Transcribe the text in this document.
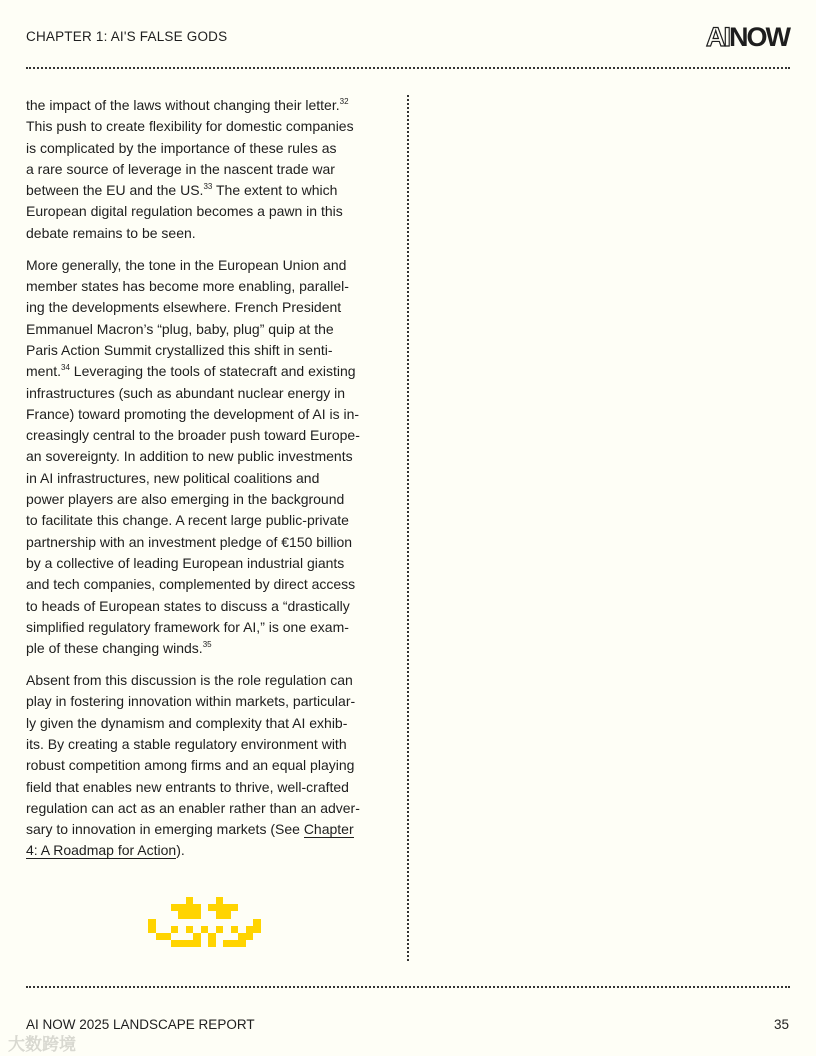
CHAPTER 1: AI'S FALSE GODS	AINOW
the impact of the laws without changing their letter.$^{32}$
This push to create flexibility for domestic companies
is complicated by the importance of these rules as
a rare source of leverage in the nascent trade war
between the EU and the US.$^{33}$ The extent to which
European digital regulation becomes a pawn in this
debate remains to be seen.
More generally, the tone in the European Union and
member states has become more enabling, parallel-
ing the developments elsewhere. French President
Emmanuel Macron’s “plug, baby, plug” quip at the
Paris Action Summit crystallized this shift in senti-
ment.$^{34}$ Leveraging the tools of statecraft and existing
infrastructures (such as abundant nuclear energy in
France) toward promoting the development of AI is in-
creasingly central to the broader push toward Europe-
an sovereignty. In addition to new public investments
in AI infrastructures, new political coalitions and
power players are also emerging in the background
to facilitate this change. A recent large public-private
partnership with an investment pledge of €150 billion
by a collective of leading European industrial giants
and tech companies, complemented by direct access
to heads of European states to discuss a “drastically
simplified regulatory framework for AI,” is one exam-
ple of these changing winds.$^{35}$
Absent from this discussion is the role regulation can
play in fostering innovation within markets, particular-
ly given the dynamism and complexity that AI exhib-
its. By creating a stable regulatory environment with
robust competition among firms and an equal playing
field that enables new entrants to thrive, well-crafted
regulation can act as an enabler rather than an adver-
sary to innovation in emerging markets (See Chapter
4: A Roadmap for Action).
AI NOW 2025 LANDSCAPE REPORT	35
大数跨境
